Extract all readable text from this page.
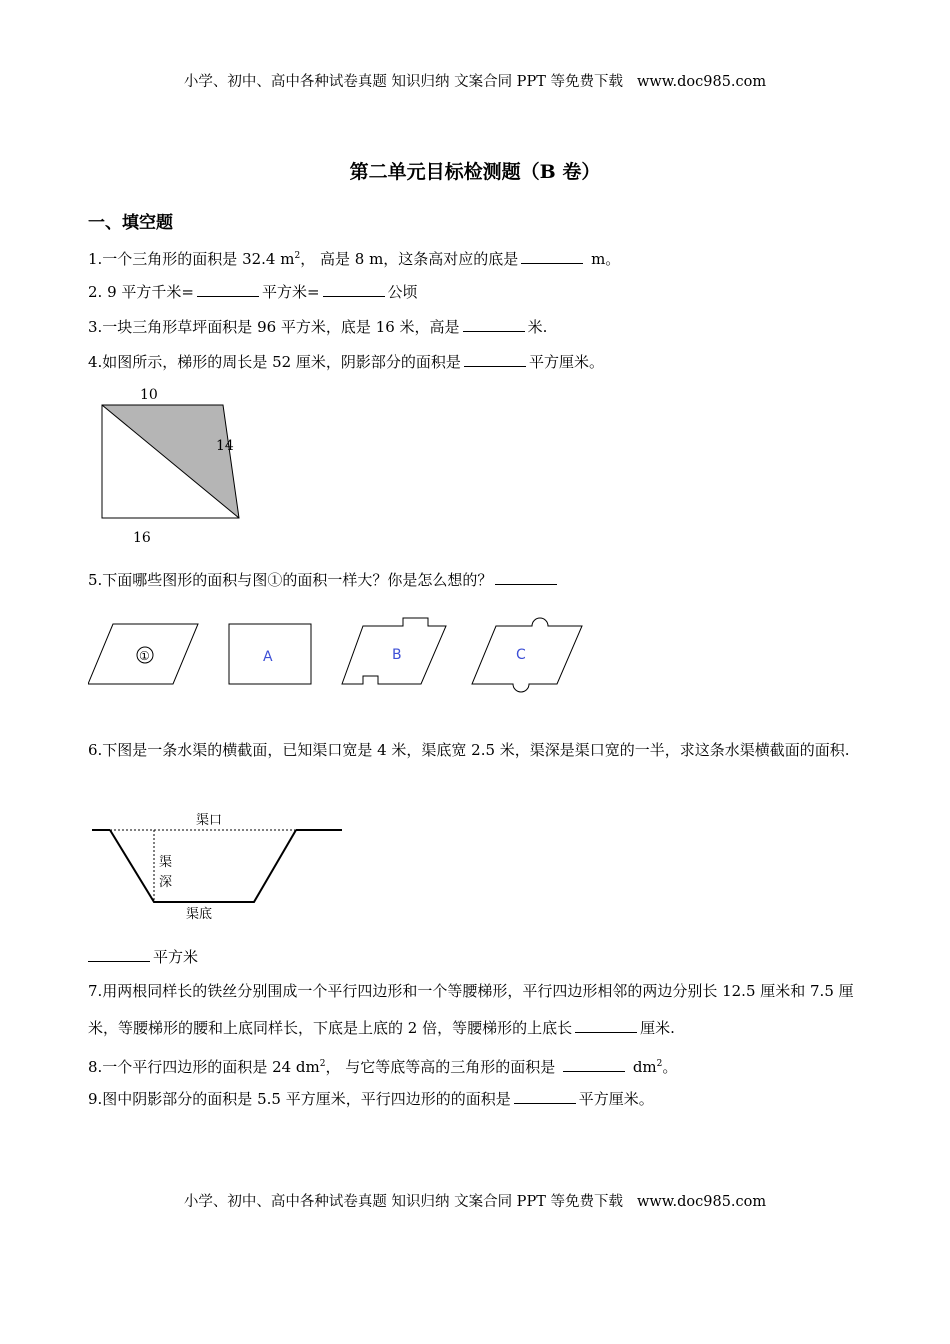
小学、初中、高中各种试卷真题 知识归纳 文案合同 PPT 等免费下载 www.doc985.com
第二单元目标检测题（B 卷）
一、填空题
1.一个三角形的面积是 32.4 $m^2$， 高是 8 m，这条高对应的底是	m。
2. 9 平方千米=	平方米=	公顷
3.一块三角形草坪面积是 96 平方米，底是 16 米，高是	米.
4.如图所示，梯形的周长是 52 厘米，阴影部分的面积是	平方厘米。
10
14
16
5.下面哪些图形的面积与图①的面积一样大？你是怎么想的？
①	A	B	C
6.下图是一条水渠的横截面，已知渠口宽是 4 米，渠底宽 2.5 米，渠深是渠口宽的一半，求这条水渠横截面的面积.
渠口
渠
深
渠底
平方米
7.用两根同样长的铁丝分别围成一个平行四边形和一个等腰梯形，平行四边形相邻的两边分别长 12.5 厘米和 7.5 厘米，等腰梯形的腰和上底同样长，下底是上底的 2 倍，等腰梯形的上底长	厘米.
8.一个平行四边形的面积是 24 $dm^2$， 与它等底等高的三角形的面积是	$dm^2$。
9.图中阴影部分的面积是 5.5 平方厘米，平行四边形的的面积是	平方厘米。
小学、初中、高中各种试卷真题 知识归纳 文案合同 PPT 等免费下载 www.doc985.com
